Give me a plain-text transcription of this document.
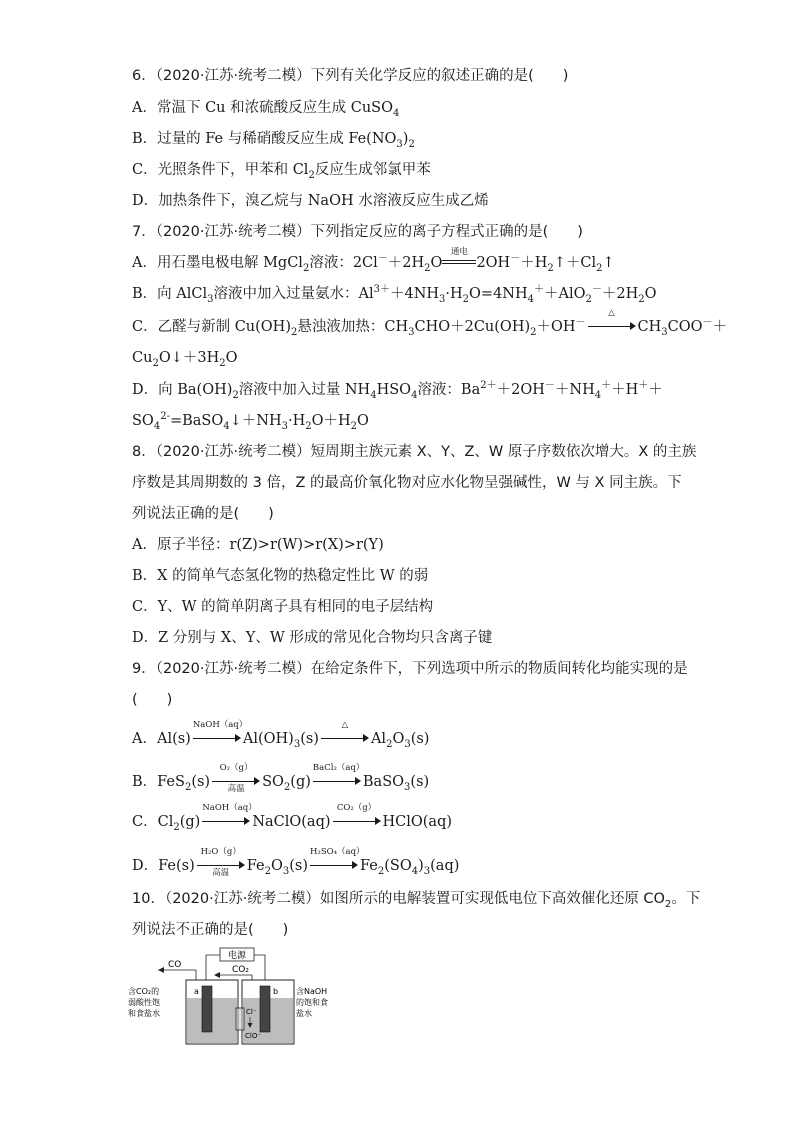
6．（2020·江苏·统考二模）下列有关化学反应的叙述正确的是(　　)
A．常温下 Cu 和浓硫酸反应生成 CuSO$_4$
B．过量的 Fe 与稀硝酸反应生成 $Fe(NO_3)_2$
C．光照条件下，甲苯和 $Cl_2$反应生成邻氯甲苯
D．加热条件下，溴乙烷与 NaOH 水溶液反应生成乙烯
7．（2020·江苏·统考二模）下列指定反应的离子方程式正确的是(　　)
A．用石墨电极电解 MgCl$_2$溶液：$2Cl^-+2H_2O$
通电
$2OH^-+H_2↑+Cl_2↑$
B．向 AlCl$_3$溶液中加入过量氨水：$Al^{3+}+4NH_3\cdot H_2O=4NH_4^++AlO_2^-+2H_2O$
C．乙醛与新制 $Cu(OH)_2$悬浊液加热：$CH_3CHO+2Cu(OH)_2+OH^-$
△
$CH_3COO^-+$
$Cu_2O↓+3H_2O$
D．向 $Ba(OH)_2$溶液中加入过量 $NH_4HSO_4$溶液：$Ba^{2+}+2OH^-+NH_4^++H^++$
$SO_4^{2-}=BaSO_4↓+NH_3\cdot H_2O+H_2O$
8．（2020·江苏·统考二模）短周期主族元素 X、Y、Z、W 原子序数依次增大。X 的主族
序数是其周期数的 3 倍，Z 的最高价氧化物对应水化物呈强碱性，W 与 X 同主族。下
列说法正确的是(　　)
A．原子半径：r(Z)>r(W)>r(X)>r(Y)
B．X 的简单气态氢化物的热稳定性比 W 的弱
C．Y、W 的简单阴离子具有相同的电子层结构
D．Z 分别与 X、Y、W 形成的常见化合物均只含离子键
9．（2020·江苏·统考二模）在给定条件下，下列选项中所示的物质间转化均能实现的是
(　　)
A．Al(s)
NaOH（aq）
$Al(OH)_3(s)$
△
$Al_2O_3(s)$
B．FeS$_2$(s)
O₂（g）
高温	$SO_2(g)$
BaCl₂（aq）
BaSO$_3$(s)
C．$Cl_2(g)$
NaOH（aq）
NaClO(aq)
CO₂（g）
HClO(aq)
D．Fe(s)
H₂O（g）
高温	$Fe_2O_3(s)$
H₂SO₄（aq）
$Fe_2(SO_4)_3(aq)$
10．（2020·江苏·统考二模）如图所示的电解装置可实现低电位下高效催化还原 $CO_2$。下
列说法不正确的是(　　)
电源
CO	CO₂
a	b
Cl⁻
ClO⁻
含CO₂的
弱酸性饱
和食盐水
含NaOH
的饱和食
盐水
